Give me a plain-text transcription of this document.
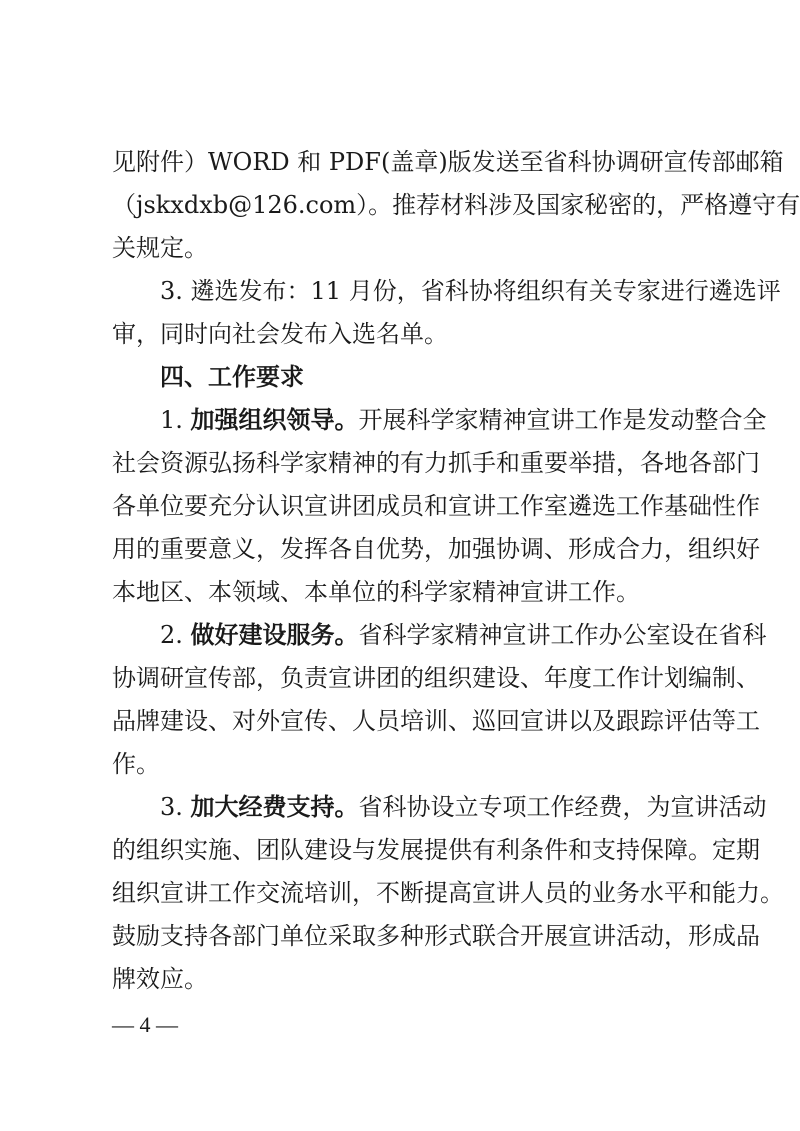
见附件）WORD 和 PDF(盖章)版发送至省科协调研宣传部邮箱
（jskxdxb@126.com）。推荐材料涉及国家秘密的，严格遵守有
关规定。
3. 遴选发布：11 月份，省科协将组织有关专家进行遴选评
审，同时向社会发布入选名单。
四、工作要求
1. 加强组织领导。开展科学家精神宣讲工作是发动整合全
社会资源弘扬科学家精神的有力抓手和重要举措，各地各部门
各单位要充分认识宣讲团成员和宣讲工作室遴选工作基础性作
用的重要意义，发挥各自优势，加强协调、形成合力，组织好
本地区、本领域、本单位的科学家精神宣讲工作。
2. 做好建设服务。省科学家精神宣讲工作办公室设在省科
协调研宣传部，负责宣讲团的组织建设、年度工作计划编制、
品牌建设、对外宣传、人员培训、巡回宣讲以及跟踪评估等工
作。
3. 加大经费支持。省科协设立专项工作经费，为宣讲活动
的组织实施、团队建设与发展提供有利条件和支持保障。定期
组织宣讲工作交流培训，不断提高宣讲人员的业务水平和能力。
鼓励支持各部门单位采取多种形式联合开展宣讲活动，形成品
牌效应。
— 4 —
